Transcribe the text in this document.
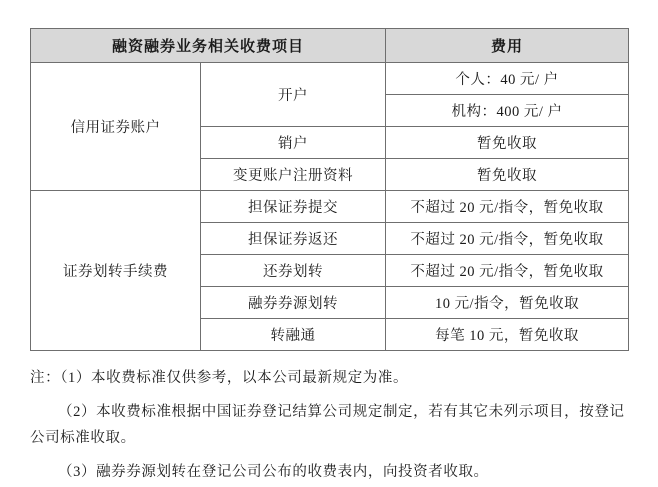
融资融券业务相关收费项目		费用
信用证券账户	开户	个人：40 元/ 户
		机构：400 元/ 户
	销户	暂免收取
	变更账户注册资料	暂免收取
证券划转手续费	担保证券提交	不超过 20 元/指令，暂免收取
	担保证券返还	不超过 20 元/指令，暂免收取
	还券划转	不超过 20 元/指令，暂免收取
	融券券源划转	10 元/指令，暂免收取
	转融通	每笔 10 元，暂免收取

注：（1）本收费标准仅供参考，以本公司最新规定为准。

（2）本收费标准根据中国证券登记结算公司规定制定，若有其它未列示项目，按登记公司标准收取。

（3）融券券源划转在登记公司公布的收费表内，向投资者收取。
